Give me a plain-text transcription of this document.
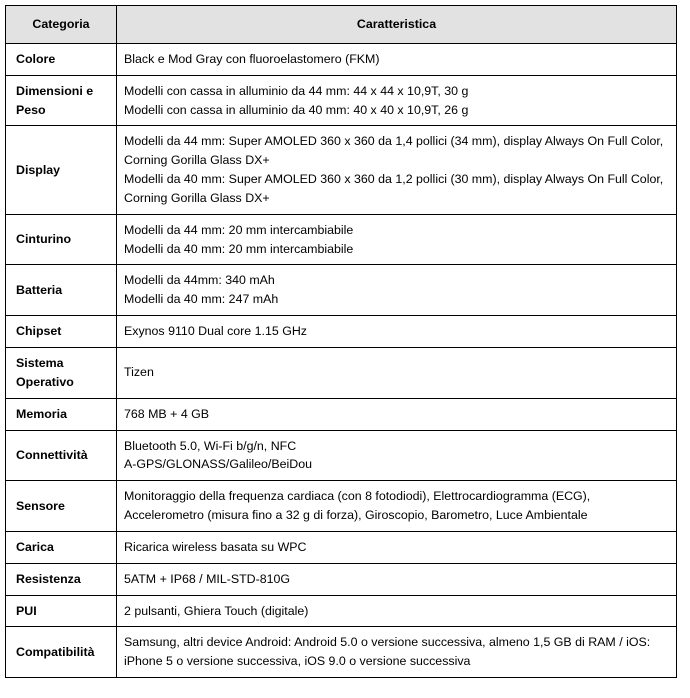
Categoria	Caratteristica
Colore	Black e Mod Gray con fluoroelastomero (FKM)

Dimensioni e Peso	Modelli con cassa in alluminio da 44 mm: 44 x 44 x 10,9T, 30 g
Modelli con cassa in alluminio da 40 mm: 40 x 40 x 10,9T, 26 g

Display	Modelli da 44 mm: Super AMOLED 360 x 360 da 1,4 pollici (34 mm), display Always On Full Color, Corning Gorilla Glass DX+
Modelli da 40 mm: Super AMOLED 360 x 360 da 1,2 pollici (30 mm), display Always On Full Color, Corning Gorilla Glass DX+

Cinturino	Modelli da 44 mm: 20 mm intercambiabile
Modelli da 40 mm: 20 mm intercambiabile

Batteria	Modelli da 44mm: 340 mAh
Modelli da 40 mm: 247 mAh

Chipset	Exynos 9110 Dual core 1.15 GHz

Sistema Operativo	Tizen

Memoria	768 MB + 4 GB

Connettività	Bluetooth 5.0, Wi-Fi b/g/n, NFC
A-GPS/GLONASS/Galileo/BeiDou

Sensore	Monitoraggio della frequenza cardiaca (con 8 fotodiodi), Elettrocardiogramma (ECG), Accelerometro (misura fino a 32 g di forza), Giroscopio, Barometro, Luce Ambientale

Carica	Ricarica wireless basata su WPC

Resistenza	5ATM + IP68 / MIL-STD-810G

PUI	2 pulsanti, Ghiera Touch (digitale)

Compatibilità	Samsung, altri device Android: Android 5.0 o versione successiva, almeno 1,5 GB di RAM / iOS: iPhone 5 o versione successiva, iOS 9.0 o versione successiva
